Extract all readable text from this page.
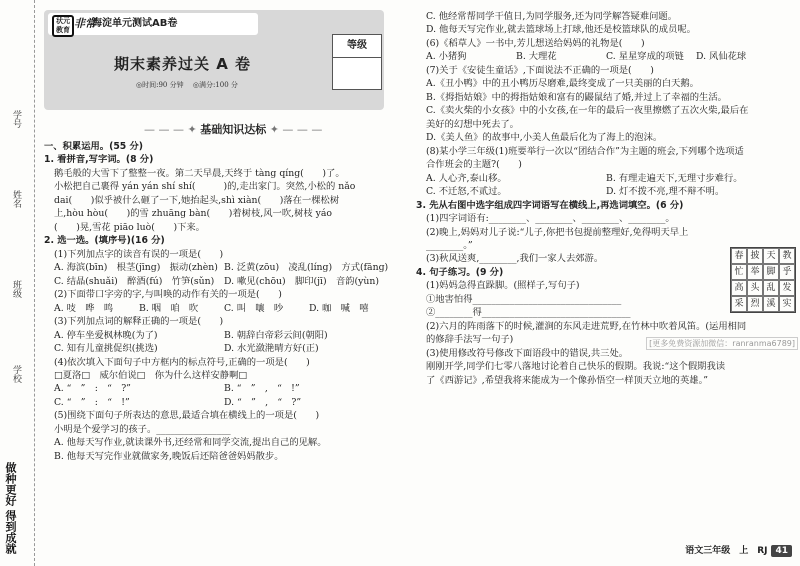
学号
姓名
班级
学校
做种更好 得到成就
状元教育 非常
海淀单元测试AB卷
等级
期末素养过关 A 卷
◎时间:90 分钟　 ◎满分:100 分
— — — ✦ 基础知识达标 ✦ — — —

一、积累运用。(55 分)

1. 看拼音,写字词。(8 分)

鹅毛般的大雪下了整整一夜。第二天早晨,天终于 tàng qíng(　　)了。

小松把自己裹得 yán yán shí shí(　　　)的,走出家门。突然,小松的 nǎo

dai(　　)似乎被什么砸了一下,她抬起头,shì xiàn(　　)落在一棵松树

上,hòu hòu(　　)的雪 zhuāng bàn(　　)着树枝,风一吹,树枝 yáo

(　　)晃,雪花 piāo luò(　　)下来。

2. 选一选。(填序号)(16 分)

(1)下列加点字的读音有误的一项是(　　)

A. 海滨(bīn)　根茎(jīng)　振动(zhèn) B. 泛黄(zōu)　凌乱(líng)　方式(fāng)
C. 结晶(shuǎi)　醉酒(fú)　竹笋(sǔn)	D. 嗽见(chōu)　脚印(jī)　音韵(yùn)

(2)下面带口字旁的字,与叫唤的动作有关的一项是(　　)

A. 吱　哗　鸣	B. 咽　咱　吹	C. 叫　嚷　吵	D. 咖　喊　嘻

(3)下列加点词的解释正确的一项是(　　)

A. 停车坐爱枫林晚(为了)	B. 朝辞白帝彩云间(朝阳)
C. 知有儿童挑促织(挑选)	D. 水光潋滟晴方好(正)

(4)依次填入下面句子中方框内的标点符号,正确的一项是(　　)

□夏洛□　威尔伯说□　你为什么这样安静啊□

A. “　”　:　“　?”	B. “　”　,　“　!”
C. “　”　:　“　!”	D. “　”　,　“　?”

(5)围绕下面句子所表达的意思,最适合填在横线上的一项是(　　)

小明是个爱学习的孩子。________________

A. 他每天写作业,就读课外书,还经常和同学交流,提出自己的见解。

B. 他每天写完作业就做家务,晚饭后还陪爸爸妈妈散步。

C. 他经常帮同学干值日,为同学服务,还为同学解答疑难问题。

D. 他每天写完作业,就去篮球场上打球,他还是校篮球队的成员呢。

(6)《稻草人》一书中,芳儿想送给妈妈的礼物是(　　)

A. 小猪狗	B. 大理花	C. 星星穿成的项链	D. 风仙花球

(7)关于《安徒生童话》,下面说法不正确的一项是(　　)

A.《丑小鸭》中的丑小鸭历尽磨难,最终变成了一只美丽的白天鹅。

B.《拇指姑娘》中的拇指姑娘和富有的鼹鼠结了婚,并过上了幸福的生活。

C.《卖火柴的小女孩》中的小女孩,在一年的最后一夜里擦燃了五次火柴,最后在

美好的幻想中死去了。

D.《美人鱼》的故事中,小美人鱼最后化为了海上的泡沫。

(8)某小学三年级(1)班要举行一次以“团结合作”为主题的班会,下列哪个选项适

合作班会的主题?(　　)

A. 人心齐,泰山移。	B. 有理走遍天下,无理寸步难行。
C. 不迁怒,不贰过。	D. 灯不拨不亮,理不辩不明。

3. 先从右图中选字组成四字词语写在横线上,再选词填空。(6 分)

(1)四字词语有:________、________、________、________。

(2)晚上,妈妈对儿子说:“儿子,你把书包提前整理好,免得明天早上

________。”

(3)秋风送爽,________,我们一家人去郊游。

4. 句子练习。(9 分)

(1)妈妈急得直跺脚。(照样子,写句子)

①地害怕得________________________________

②________得________________________________

(2)六月的阵雨落下的时候,灌涧的东风走进荒野,在竹林中吹着风笛。(运用相同

的修辞手法写一句子)

(3)使用修改符号修改下面语段中的错误,共三处。

刚刚开学,同学们七零八落地讨论着自己快乐的假期。我说:“这个假期我读

了《西游记》,希望我将来能成为一个像孙悟空一样顶天立地的英雄。”

春 披 天 教
忙 举 脚 乎
高 头 乱 发
采 烈 溪 实
[更多免费资源加微信：ranranma6789]
语文三年级　上　RJ 41
